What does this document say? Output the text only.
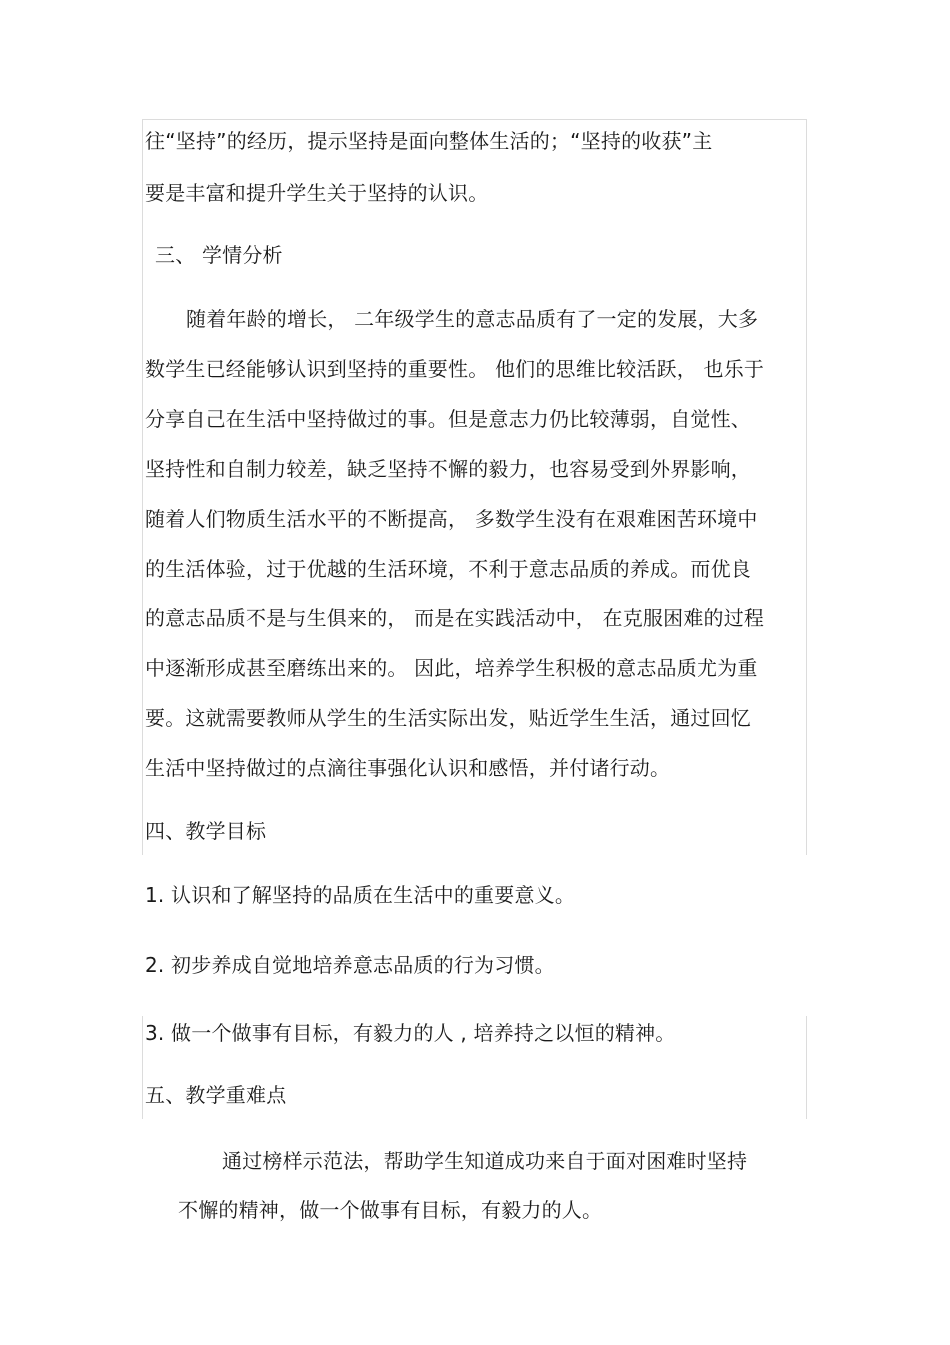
往“坚持”的经历，提示坚持是面向整体生活的；“坚持的收获”主
要是丰富和提升学生关于坚持的认识。
三、 学情分析
随着年龄的增长， 二年级学生的意志品质有了一定的发展，大多
数学生已经能够认识到坚持的重要性。 他们的思维比较活跃， 也乐于
分享自己在生活中坚持做过的事。但是意志力仍比较薄弱，自觉性、
坚持性和自制力较差，缺乏坚持不懈的毅力，也容易受到外界影响，
随着人们物质生活水平的不断提高， 多数学生没有在艰难困苦环境中
的生活体验，过于优越的生活环境，不利于意志品质的养成。而优良
的意志品质不是与生俱来的， 而是在实践活动中， 在克服困难的过程
中逐渐形成甚至磨练出来的。 因此，培养学生积极的意志品质尤为重
要。这就需要教师从学生的生活实际出发，贴近学生生活，通过回忆
生活中坚持做过的点滴往事强化认识和感悟，并付诸行动。
四、教学目标
1. 认识和了解坚持的品质在生活中的重要意义。
2. 初步养成自觉地培养意志品质的行为习惯。
3. 做一个做事有目标，有毅力的人 , 培养持之以恒的精神。
五、教学重难点
通过榜样示范法，帮助学生知道成功来自于面对困难时坚持
不懈的精神，做一个做事有目标，有毅力的人。
